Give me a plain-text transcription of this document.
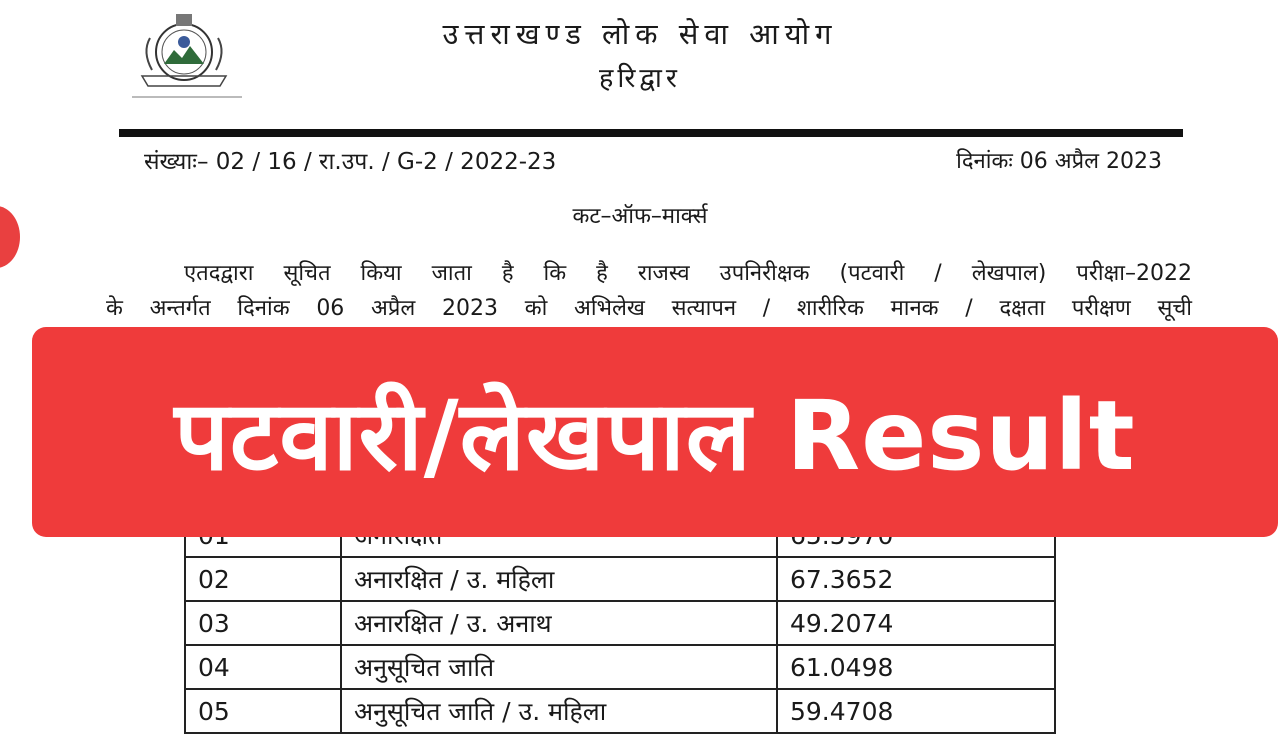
उत्तराखण्ड लोक सेवा आयोग
हरिद्वार
संख्याः– 02 / 16 / रा.उप. / G-2 / 2022-23	दिनांकः 06 अप्रैल 2023
कट–ऑफ–मार्क्स
एतदद्वारा सूचित किया जाता है कि है राजस्व उपनिरीक्षक (पटवारी / लेखपाल) परीक्षा–2022
के अन्तर्गत दिनांक 06 अप्रैल 2023 को अभिलेख सत्यापन / शारीरिक मानक / दक्षता परीक्षण सूची

02	अनारक्षित / उ. महिला	67.3652
03	अनारक्षित / उ. अनाथ	49.2074
04	अनुसूचित जाति	61.0498
05	अनुसूचित जाति / उ. महिला	59.4708
पटवारी/लेखपाल Result
